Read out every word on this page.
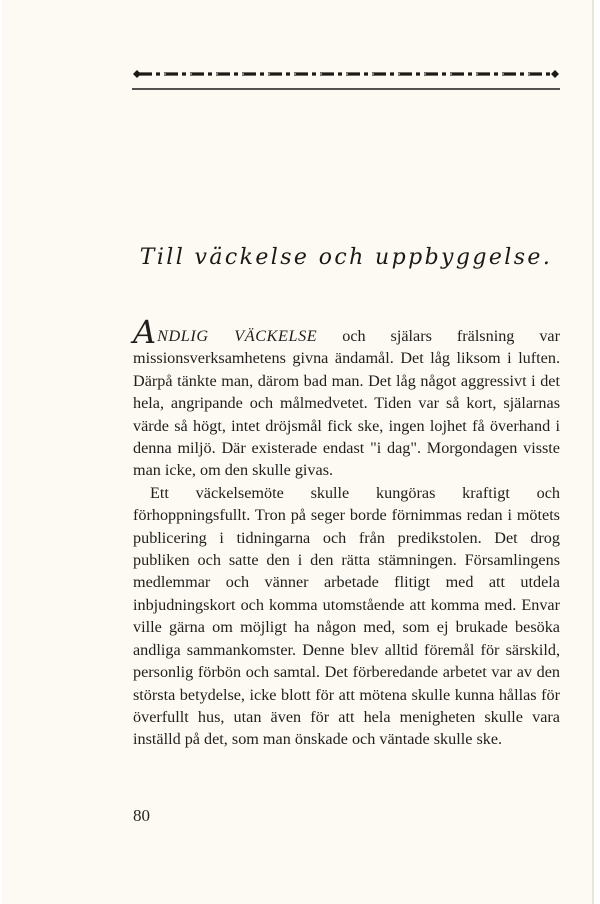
Till väckelse och uppbyggelse.

ANDLIG VÄCKELSE och själars frälsning var missionsverksamhetens givna ändamål. Det låg liksom i luften. Därpå tänkte man, därom bad man. Det låg något aggressivt i det hela, angripande och målmedvetet. Tiden var så kort, själarnas värde så högt, intet dröjsmål fick ske, ingen lojhet få överhand i denna miljö. Där existerade endast "i dag". Morgondagen visste man icke, om den skulle givas.

Ett väckelsemöte skulle kungöras kraftigt och förhoppningsfullt. Tron på seger borde förnimmas redan i mötets publicering i tidningarna och från predikstolen. Det drog publiken och satte den i den rätta stämningen. Församlingens medlemmar och vänner arbetade flitigt med att utdela inbjudningskort och komma utomstående att komma med. Envar ville gärna om möjligt ha någon med, som ej brukade besöka andliga sammankomster. Denne blev alltid föremål för särskild, personlig förbön och samtal. Det förberedande arbetet var av den största betydelse, icke blott för att mötena skulle kunna hållas för överfullt hus, utan även för att hela menigheten skulle vara inställd på det, som man önskade och väntade skulle ske.

80
